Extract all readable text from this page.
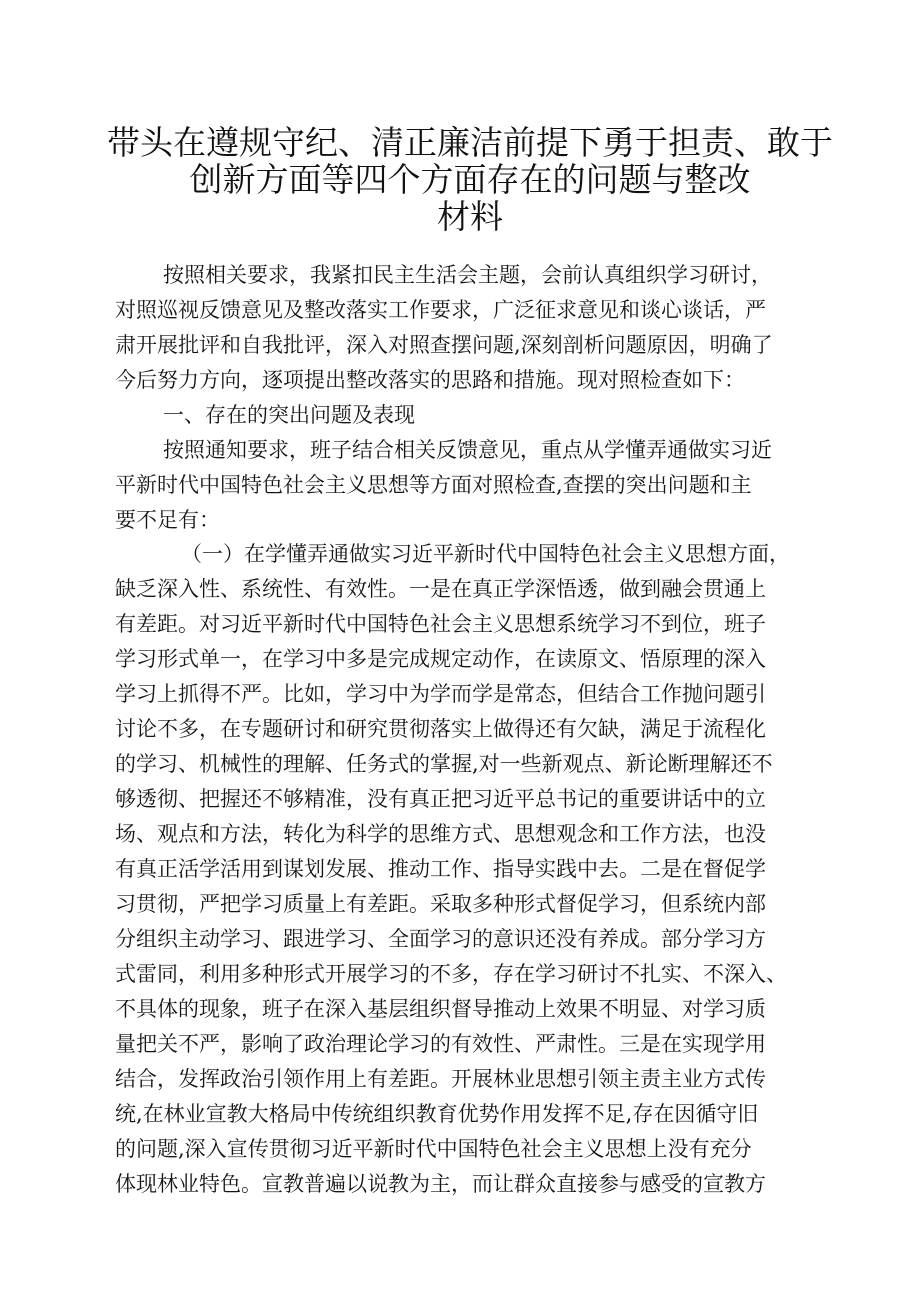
带头在遵规守纪、清正廉洁前提下勇于担责、敢于
创新方面等四个方面存在的问题与整改
材料
按照相关要求，我紧扣民主生活会主题，会前认真组织学习研讨，
对照巡视反馈意见及整改落实工作要求，广泛征求意见和谈心谈话，严
肃开展批评和自我批评，深入对照查摆问题,深刻剖析问题原因，明确了
今后努力方向，逐项提出整改落实的思路和措施。现对照检查如下：
一、存在的突出问题及表现
按照通知要求，班子结合相关反馈意见，重点从学懂弄通做实习近
平新时代中国特色社会主义思想等方面对照检查,查摆的突出问题和主
要不足有：
（一）在学懂弄通做实习近平新时代中国特色社会主义思想方面，
缺乏深入性、系统性、有效性。一是在真正学深悟透，做到融会贯通上
有差距。对习近平新时代中国特色社会主义思想系统学习不到位，班子
学习形式单一，在学习中多是完成规定动作，在读原文、悟原理的深入
学习上抓得不严。比如，学习中为学而学是常态，但结合工作抛问题引
讨论不多，在专题研讨和研究贯彻落实上做得还有欠缺，满足于流程化
的学习、机械性的理解、任务式的掌握,对一些新观点、新论断理解还不
够透彻、把握还不够精准，没有真正把习近平总书记的重要讲话中的立
场、观点和方法，转化为科学的思维方式、思想观念和工作方法，也没
有真正活学活用到谋划发展、推动工作、指导实践中去。二是在督促学
习贯彻，严把学习质量上有差距。采取多种形式督促学习，但系统内部
分组织主动学习、跟进学习、全面学习的意识还没有养成。部分学习方
式雷同，利用多种形式开展学习的不多，存在学习研讨不扎实、不深入、
不具体的现象，班子在深入基层组织督导推动上效果不明显、对学习质
量把关不严，影响了政治理论学习的有效性、严肃性。三是在实现学用
结合，发挥政治引领作用上有差距。开展林业思想引领主责主业方式传
统,在林业宣教大格局中传统组织教育优势作用发挥不足,存在因循守旧
的问题,深入宣传贯彻习近平新时代中国特色社会主义思想上没有充分
体现林业特色。宣教普遍以说教为主，而让群众直接参与感受的宣教方
